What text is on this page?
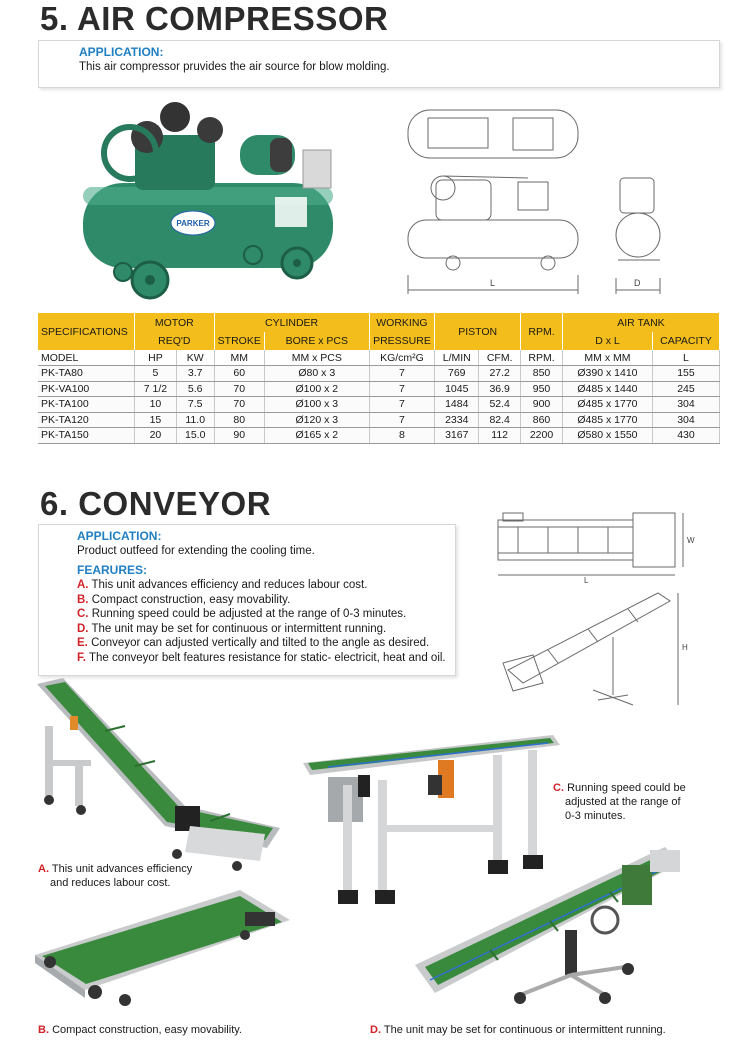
5. AIR COMPRESSOR
APPLICATION:
This air compressor pruvides the air source for blow molding.
PARKER
L	D
SPECIFICATIONS	MOTOR		CYLINDER		WORKING	PISTON		RPM.	AIR TANK	
	REQ'D		STROKE	BORE x PCS	PRESSURE				D x L	CAPACITY
MODEL	HP	KW	MM	MM x PCS	KG/cm²G	L/MIN	CFM.	RPM.	MM x MM	L
PK-TA80	5	3.7	60	Ø80 x 3	7	769	27.2	850	Ø390 x 1410	155
PK-VA100	7 1/2	5.6	70	Ø100 x 2	7	1045	36.9	950	Ø485 x 1440	245
PK-TA100	10	7.5	70	Ø100 x 3	7	1484	52.4	900	Ø485 x 1770	304
PK-TA120	15	11.0	80	Ø120 x 3	7	2334	82.4	860	Ø485 x 1770	304
PK-TA150	20	15.0	90	Ø165 x 2	8	3167	112	2200	Ø580 x 1550	430
6. CONVEYOR
APPLICATION:
Product outfeed for extending the cooling time.
FEARURES:
A. This unit advances efficiency and reduces labour cost.
B. Compact construction, easy movability.
C. Running speed could be adjusted at the range of 0-3 minutes.
D. The unit may be set for continuous or intermittent running.
E. Conveyor can adjusted vertically and tilted to the angle as desired.
F. The conveyor belt features resistance for static- electricit, heat and oil.
W
L
H
C. Running speed could be
adjusted at the range of
0-3 minutes.
A. This unit advances efficiency
and reduces labour cost.
B. Compact construction, easy movability.	D. The unit may be set for continuous or intermittent running.
